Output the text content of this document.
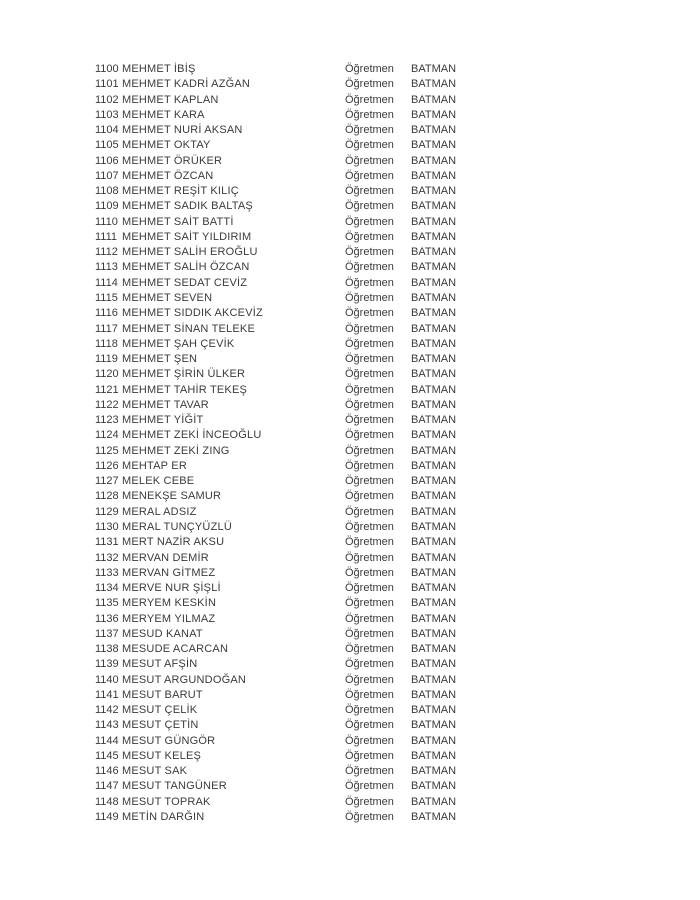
1100 MEHMET İBİŞ	Öğretmen BATMAN
1101 MEHMET KADRİ AZĞAN	Öğretmen BATMAN
1102 MEHMET KAPLAN	Öğretmen BATMAN
1103 MEHMET KARA	Öğretmen BATMAN
1104 MEHMET NURİ AKSAN	Öğretmen BATMAN
1105 MEHMET OKTAY	Öğretmen BATMAN
1106 MEHMET ÖRÜKER	Öğretmen BATMAN
1107 MEHMET ÖZCAN	Öğretmen BATMAN
1108 MEHMET REŞİT KILIÇ	Öğretmen BATMAN
1109 MEHMET SADIK BALTAŞ	Öğretmen BATMAN
1110 MEHMET SAİT BATTİ	Öğretmen BATMAN
1111 MEHMET SAİT YILDIRIM	Öğretmen BATMAN
1112 MEHMET SALİH EROĞLU	Öğretmen BATMAN
1113 MEHMET SALİH ÖZCAN	Öğretmen BATMAN
1114 MEHMET SEDAT CEVİZ	Öğretmen BATMAN
1115 MEHMET SEVEN	Öğretmen BATMAN
1116 MEHMET SIDDIK AKCEVİZ	Öğretmen BATMAN
1117 MEHMET SİNAN TELEKE	Öğretmen BATMAN
1118 MEHMET ŞAH ÇEVİK	Öğretmen BATMAN
1119 MEHMET ŞEN	Öğretmen BATMAN
1120 MEHMET ŞİRİN ÜLKER	Öğretmen BATMAN
1121 MEHMET TAHİR TEKEŞ	Öğretmen BATMAN
1122 MEHMET TAVAR	Öğretmen BATMAN
1123 MEHMET YİĞİT	Öğretmen BATMAN
1124 MEHMET ZEKİ İNCEOĞLU	Öğretmen BATMAN
1125 MEHMET ZEKİ ZING	Öğretmen BATMAN
1126 MEHTAP ER	Öğretmen BATMAN
1127 MELEK CEBE	Öğretmen BATMAN
1128 MENEKŞE SAMUR	Öğretmen BATMAN
1129 MERAL ADSIZ	Öğretmen BATMAN
1130 MERAL TUNÇYÜZLÜ	Öğretmen BATMAN
1131 MERT NAZİR AKSU	Öğretmen BATMAN
1132 MERVAN DEMİR	Öğretmen BATMAN
1133 MERVAN GİTMEZ	Öğretmen BATMAN
1134 MERVE NUR ŞİŞLİ	Öğretmen BATMAN
1135 MERYEM KESKİN	Öğretmen BATMAN
1136 MERYEM YILMAZ	Öğretmen BATMAN
1137 MESUD KANAT	Öğretmen BATMAN
1138 MESUDE ACARCAN	Öğretmen BATMAN
1139 MESUT AFŞİN	Öğretmen BATMAN
1140 MESUT ARGUNDOĞAN	Öğretmen BATMAN
1141 MESUT BARUT	Öğretmen BATMAN
1142 MESUT ÇELİK	Öğretmen BATMAN
1143 MESUT ÇETİN	Öğretmen BATMAN
1144 MESUT GÜNGÖR	Öğretmen BATMAN
1145 MESUT KELEŞ	Öğretmen BATMAN
1146 MESUT SAK	Öğretmen BATMAN
1147 MESUT TANGÜNER	Öğretmen BATMAN
1148 MESUT TOPRAK	Öğretmen BATMAN
1149 METİN DARĞIN	Öğretmen BATMAN
